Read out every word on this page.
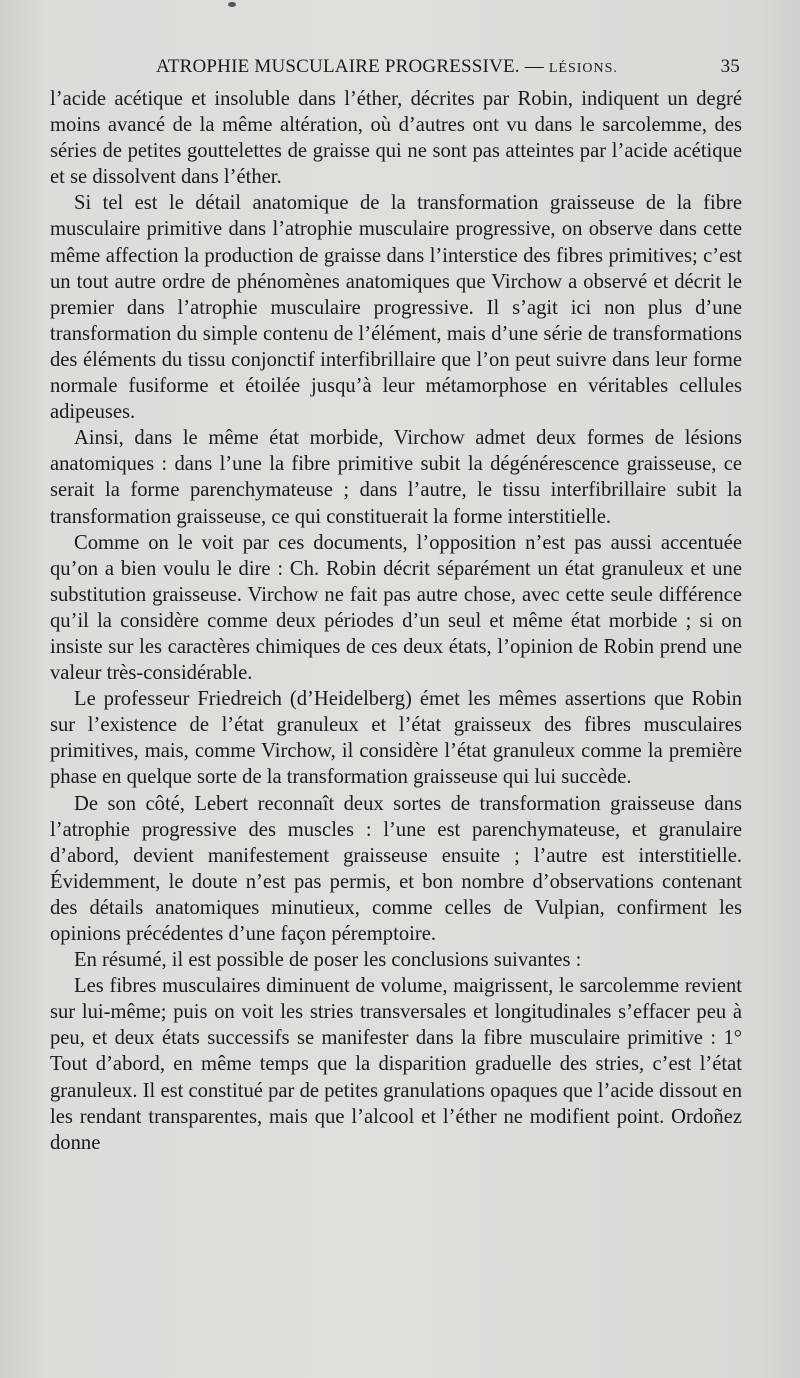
ATROPHIE MUSCULAIRE PROGRESSIVE. — LÉSIONS.	35

l’acide acétique et insoluble dans l’éther, décrites par Robin, indiquent un degré moins avancé de la même altération, où d’autres ont vu dans le sarcolemme, des séries de petites gouttelettes de graisse qui ne sont pas atteintes par l’acide acétique et se dissolvent dans l’éther.

Si tel est le détail anatomique de la transformation graisseuse de la fibre musculaire primitive dans l’atrophie musculaire progressive, on observe dans cette même affection la production de graisse dans l’interstice des fibres primitives; c’est un tout autre ordre de phénomènes anatomiques que Virchow a observé et décrit le premier dans l’atrophie musculaire progressive. Il s’agit ici non plus d’une transformation du simple contenu de l’élément, mais d’une série de transformations des éléments du tissu conjonctif interfibrillaire que l’on peut suivre dans leur forme normale fusiforme et étoilée jusqu’à leur métamorphose en véritables cellules adipeuses.

Ainsi, dans le même état morbide, Virchow admet deux formes de lésions anatomiques : dans l’une la fibre primitive subit la dégénérescence graisseuse, ce serait la forme parenchymateuse ; dans l’autre, le tissu interfibrillaire subit la transformation graisseuse, ce qui constituerait la forme interstitielle.

Comme on le voit par ces documents, l’opposition n’est pas aussi accentuée qu’on a bien voulu le dire : Ch. Robin décrit séparément un état granuleux et une substitution graisseuse. Virchow ne fait pas autre chose, avec cette seule différence qu’il la considère comme deux périodes d’un seul et même état morbide ; si on insiste sur les caractères chimiques de ces deux états, l’opinion de Robin prend une valeur très-considérable.

Le professeur Friedreich (d’Heidelberg) émet les mêmes assertions que Robin sur l’existence de l’état granuleux et l’état graisseux des fibres musculaires primitives, mais, comme Virchow, il considère l’état granuleux comme la première phase en quelque sorte de la transformation graisseuse qui lui succède.

De son côté, Lebert reconnaît deux sortes de transformation graisseuse dans l’atrophie progressive des muscles : l’une est parenchymateuse, et granulaire d’abord, devient manifestement graisseuse ensuite ; l’autre est interstitielle. Évidemment, le doute n’est pas permis, et bon nombre d’observations contenant des détails anatomiques minutieux, comme celles de Vulpian, confirment les opinions précédentes d’une façon péremptoire.

En résumé, il est possible de poser les conclusions suivantes :

Les fibres musculaires diminuent de volume, maigrissent, le sarcolemme revient sur lui-même; puis on voit les stries transversales et longitudinales s’effacer peu à peu, et deux états successifs se manifester dans la fibre musculaire primitive : 1° Tout d’abord, en même temps que la disparition graduelle des stries, c’est l’état granuleux. Il est constitué par de petites granulations opaques que l’acide dissout en les rendant transparentes, mais que l’alcool et l’éther ne modifient point. Ordoñez donne
